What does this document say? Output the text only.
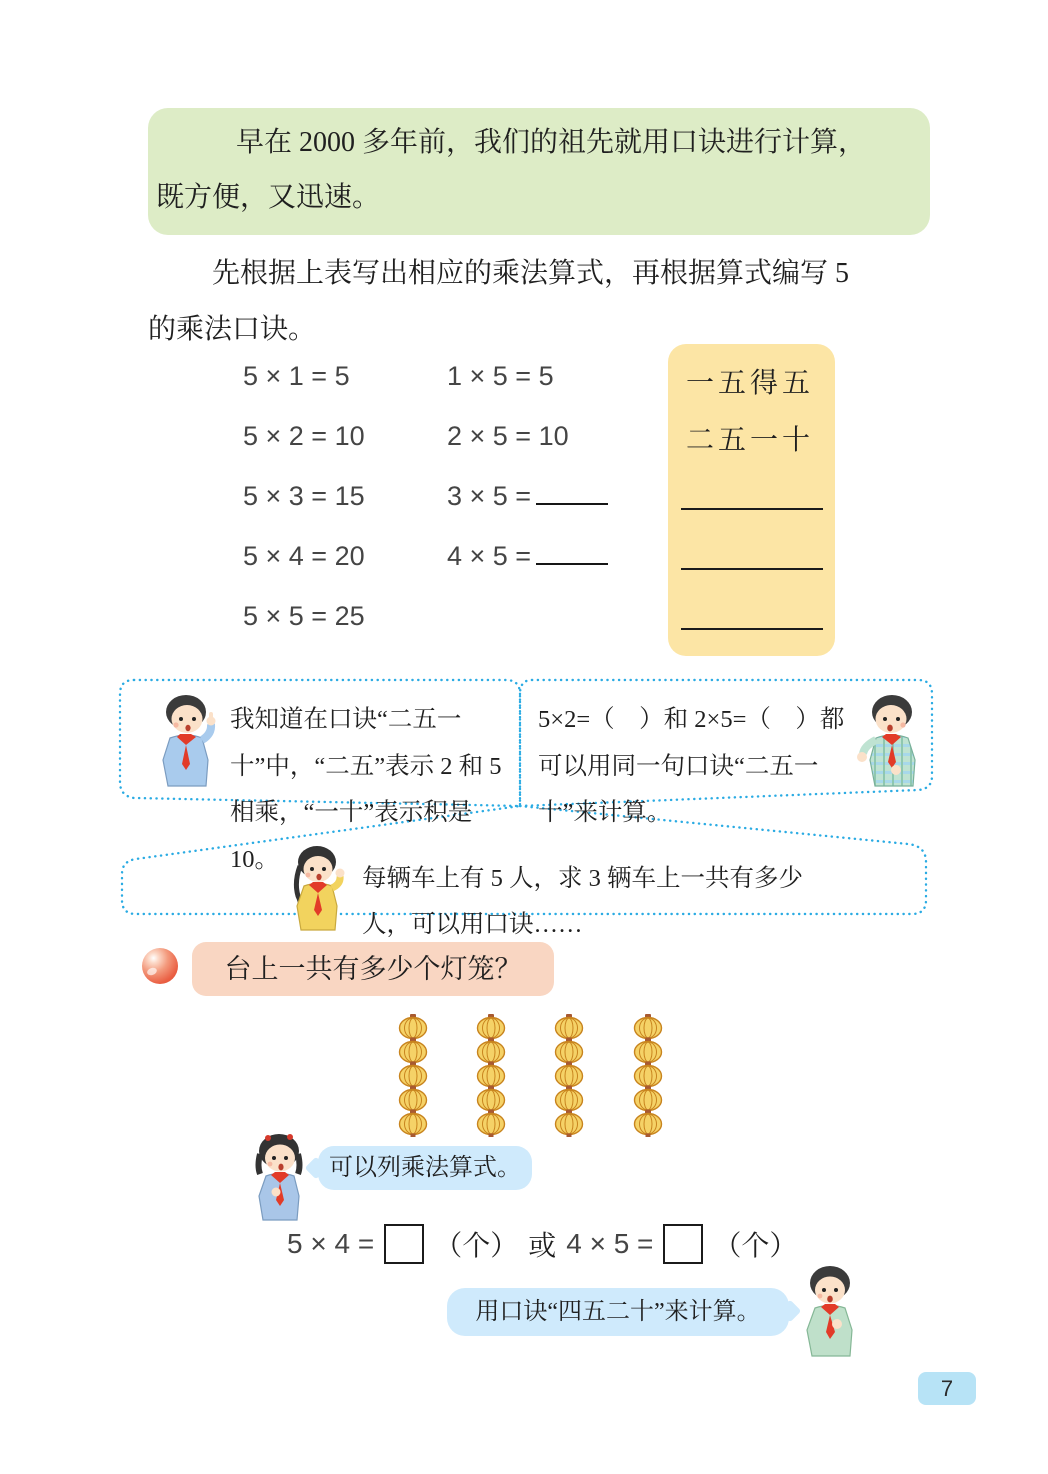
早在 2000 多年前，我们的祖先就用口诀进行计算，
既方便，又迅速。
先根据上表写出相应的乘法算式，再根据算式编写 5
的乘法口诀。
5 × 1 = 5
5 × 2 = 10
5 × 3 = 15
5 × 4 = 20
5 × 5 = 25
1 × 5 = 5
2 × 5 = 10
3 × 5 =
4 × 5 =
一五得五
二五一十
我知道在口诀“二五一十”中，“二五”表示 2 和 5 相乘，“一十”表示积是 10。
5×2=（　）和 2×5=（　）都可以用同一句口诀“二五一十”来计算。
每辆车上有 5 人，求 3 辆车上一共有多少人，可以用口诀……
台上一共有多少个灯笼？
可以列乘法算式。
5 × 4 = （个） 或 4 × 5 = （个）
用口诀“四五二十”来计算。
7
